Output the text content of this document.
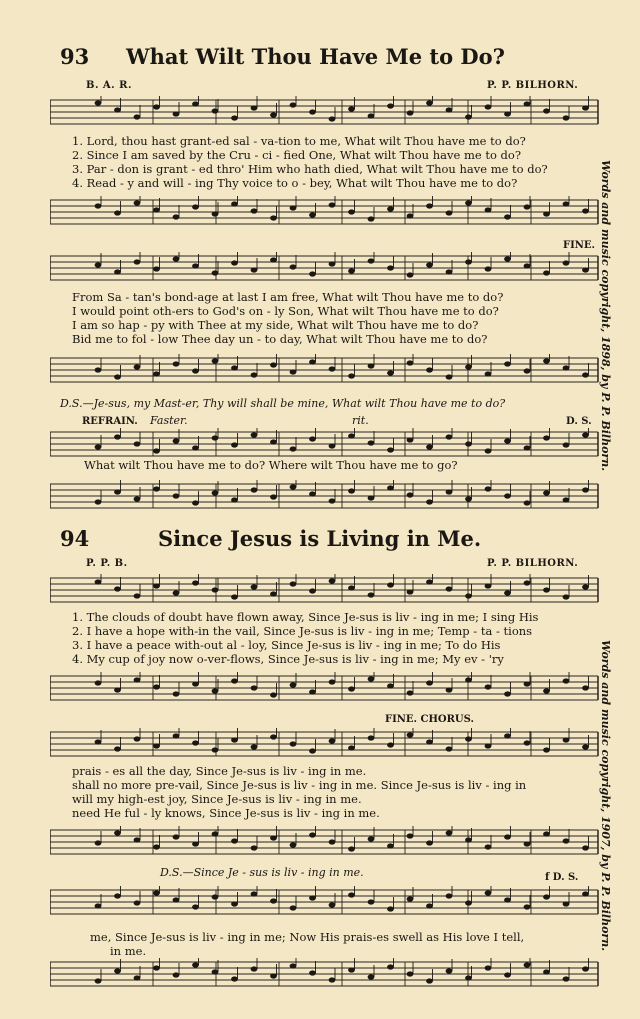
93 What Wilt Thou Have Me to Do?
B. A. R.	P. P. BILHORN.
1. Lord, thou hast grant-ed sal - va-tion to me, What wilt Thou have me to do?
2. Since I am saved by the Cru - ci - fied One, What wilt Thou have me to do?
3. Par - don is grant - ed thro' Him who hath died, What wilt Thou have me to do?
4. Read - y and will - ing Thy voice to o - bey, What wilt Thou have me to do?
FINE.
From Sa - tan's bond-age at last I am free, What wilt Thou have me to do?
I would point oth-ers to God's on - ly Son, What wilt Thou have me to do?
I am so hap - py with Thee at my side, What wilt Thou have me to do?
Bid me to fol - low Thee day un - to day, What wilt Thou have me to do?
D.S.—Je-sus, my Mast-er, Thy will shall be mine, What wilt Thou have me to do?
REFRAIN. Faster.	rit.	D. S.
What wilt Thou have me to do? Where wilt Thou have me to go?	Words and music copyright, 1898, by P. P. Bilhorn.
94	Since Jesus is Living in Me.
P. P. B.	P. P. BILHORN.
1. The clouds of doubt have flown away, Since Je-sus is liv - ing in me; I sing His
2. I have a hope with-in the vail, Since Je-sus is liv - ing in me; Temp - ta - tions
3. I have a peace with-out al - loy, Since Je-sus is liv - ing in me; To do His
4. My cup of joy now o-ver-flows, Since Je-sus is liv - ing in me; My ev - 'ry
FINE. CHORUS.
prais - es all the day, Since Je-sus is liv - ing in me.
shall no more pre-vail, Since Je-sus is liv - ing in me. Since Je-sus is liv - ing in
will my high-est joy, Since Je-sus is liv - ing in me.
need He ful - ly knows, Since Je-sus is liv - ing in me.
D.S.—Since Je - sus is liv - ing in me.	f D. S.
me, Since Je-sus is liv - ing in me; Now His prais-es swell as His love I tell,
in me.	Words and music copyright, 1907, by P. P. Bilhorn.
